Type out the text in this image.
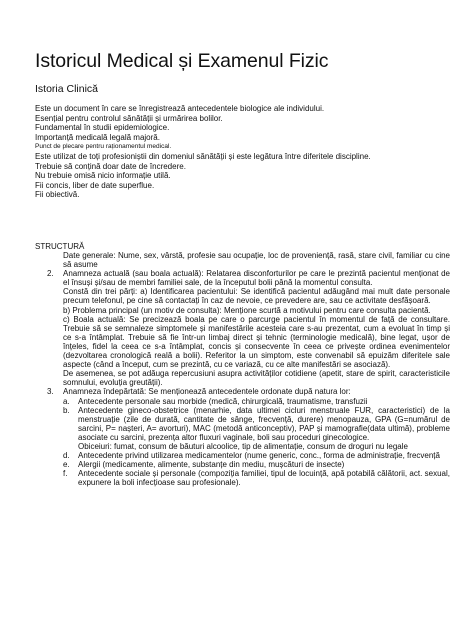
Istoricul Medical și Examenul Fizic
Istoria Clinică
Este un document în care se înregistrează antecedentele biologice ale individului.
Esențial pentru controlul sănătății și urmărirea bolilor.
Fundamental în studii epidemiologice.
Importanță medicală legală majoră.
Punct de plecare pentru raționamentul medical.
Este utilizat de toți profesioniștii din domeniul sănătății și este legătura între diferitele discipline.
Trebuie să conțină doar date de încredere.
Nu trebuie omisă nicio informație utilă.
Fii concis, liber de date superflue.
Fii obiectivă.
STRUCTURĂ
Date generale: Nume, sex, vârstă, profesie sau ocupație, loc de proveniență, rasă, stare civil, familiar cu cine să asume
2. Anamneza actuală (sau boala actuală): Relatarea disconforturilor pe care le prezintă pacientul menționat de el însuși și/sau de membri familiei sale, de la începutul bolii până la momentul consulta.
Constă din trei părți: a) Identificarea pacientului: Se identifică pacientul adăugând mai mult date personale precum telefonul, pe cine să contactați în caz de nevoie, ce prevedere are, sau ce activitate desfășoară.
b) Problema principal (un motiv de consulta): Mențione scurtă a motivului pentru care consulta pacientă.
c) Boala actuală: Se precizează boala pe care o parcurge pacientul în momentul de față de consultare. Trebuie să se semnaleze simptomele și manifestările acesteia care s-au prezentat, cum a evoluat în timp și ce s-a întâmplat. Trebuie să fie într-un limbaj direct și tehnic (terminologie medicală), bine legat, ușor de înțeles, fidel la ceea ce s-a întâmplat, concis și consecvente în ceea ce privește ordinea evenimentelor (dezvoltarea cronologică reală a bolii). Referitor la un simptom, este convenabil să epuizăm diferitele sale aspecte (când a început, cum se prezintă, cu ce variază, cu ce alte manifestări se asociază).
De asemenea, se pot adăuga repercusiuni asupra activităților cotidiene (apetit, stare de spirit, caracteristicile somnului, evoluția greutății).
3. Anamneza îndepărtată: Se menționează antecedentele ordonate după natura lor:
a. Antecedente personale sau morbide (medică, chirurgicală, traumatisme, transfuzii
b. Antecedente gineco-obstetrice (menarhie, data ultimei cicluri menstruale FUR, caracteristici) de la menstruație (zile de durată, cantitate de sânge, frecvență, durere) menopauza, GPA (G=numărul de sarcini, P= nașteri, A= avorturi), MAC (metodă anticonceptiv), PAP și mamografie(data ultimă), probleme asociate cu sarcini, prezența altor fluxuri vaginale, boli sau proceduri ginecologice.
Obiceiuri: fumat, consum de băuturi alcoolice, tip de alimentație, consum de droguri nu legale
d. Antecedente privind utilizarea medicamentelor (nume generic, conc., forma de administrație, frecvență
e. Alergii (medicamente, alimente, substanțe din mediu, mușcături de insecte)
f. Antecedente sociale și personale (compoziția familiei, tipul de locuință, apă potabilă călătorii, act. sexual, expunere la boli infecțioase sau profesionale).
